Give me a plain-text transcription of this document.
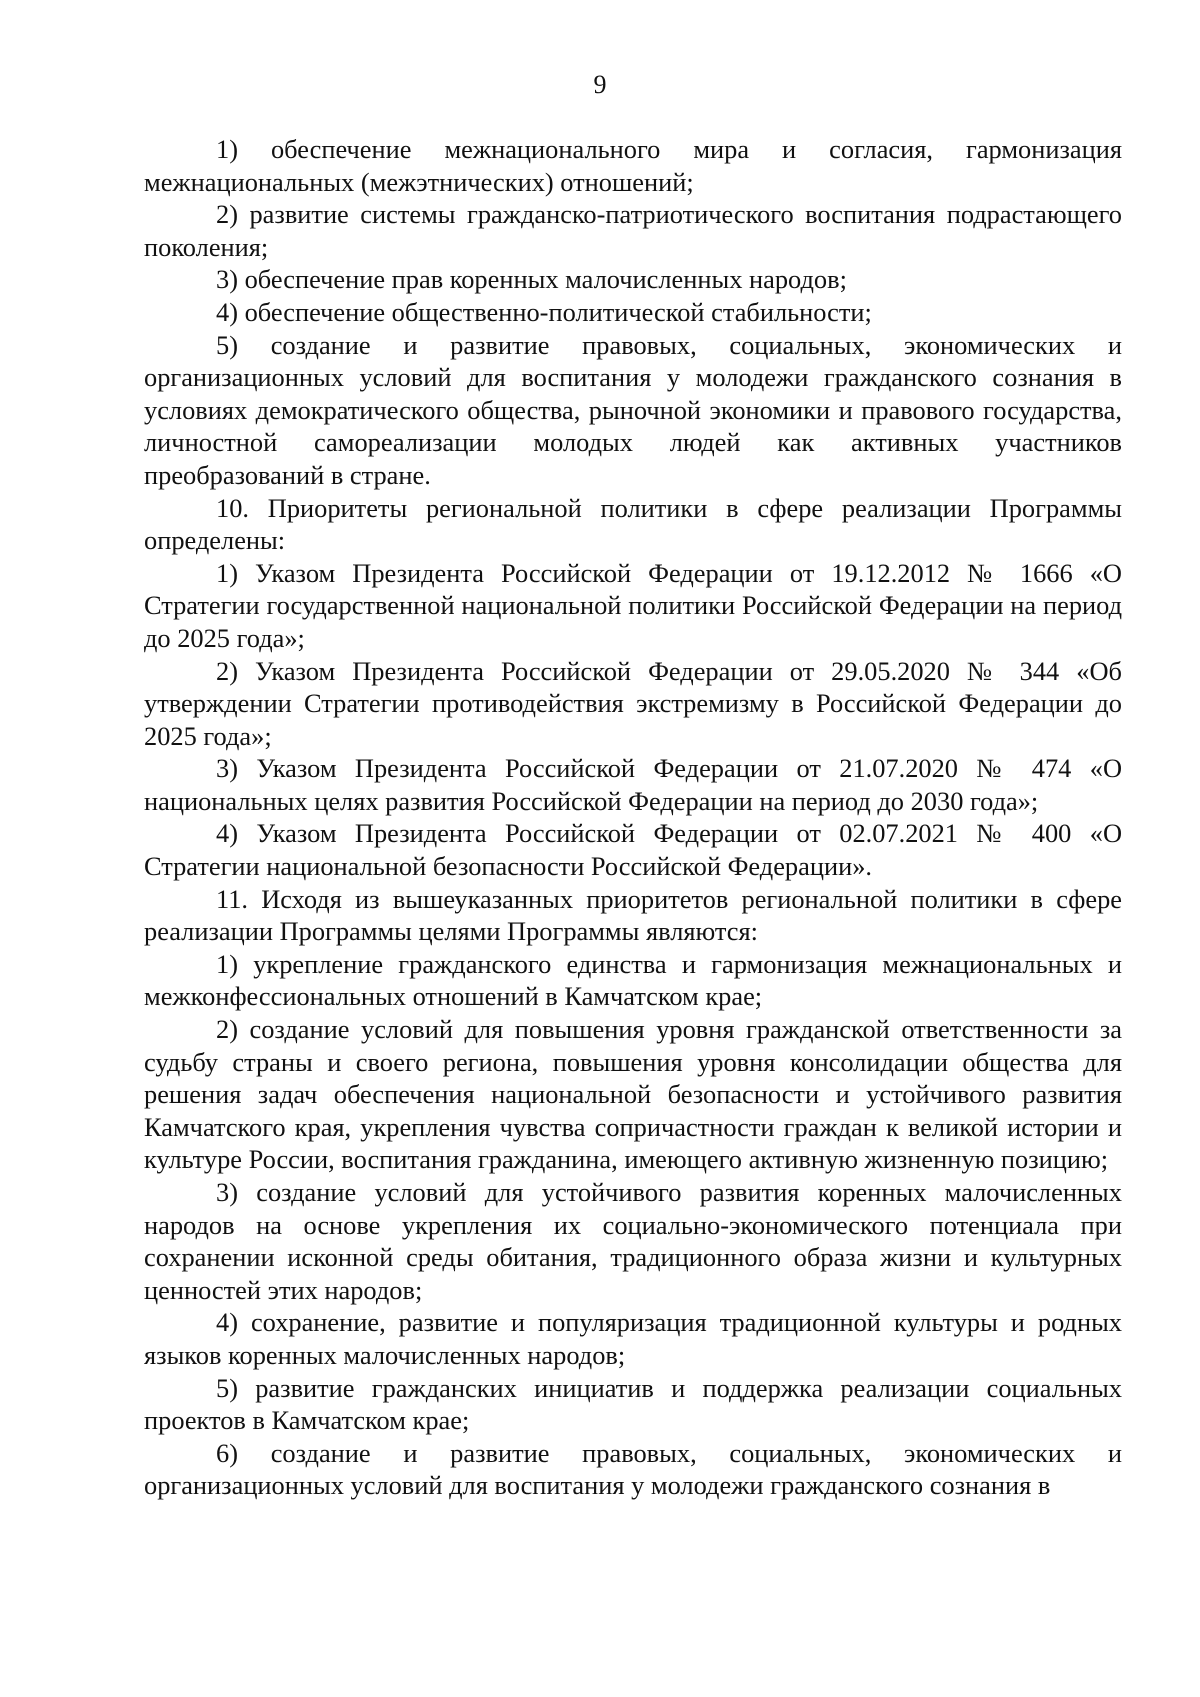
9

1) обеспечение межнационального мира и согласия, гармонизация межнациональных (межэтнических) отношений;

2) развитие системы гражданско-патриотического воспитания подрастающего поколения;

3) обеспечение прав коренных малочисленных народов;

4) обеспечение общественно-политической стабильности;

5) создание и развитие правовых, социальных, экономических и организационных условий для воспитания у молодежи гражданского сознания в условиях демократического общества, рыночной экономики и правового государства, личностной самореализации молодых людей как активных участников преобразований в стране.

10. Приоритеты региональной политики в сфере реализации Программы определены:

1) Указом Президента Российской Федерации от 19.12.2012 № 1666 «О Стратегии государственной национальной политики Российской Федерации на период до 2025 года»;

2) Указом Президента Российской Федерации от 29.05.2020 № 344 «Об утверждении Стратегии противодействия экстремизму в Российской Федерации до 2025 года»;

3) Указом Президента Российской Федерации от 21.07.2020 № 474 «О национальных целях развития Российской Федерации на период до 2030 года»;

4) Указом Президента Российской Федерации от 02.07.2021 № 400 «О Стратегии национальной безопасности Российской Федерации».

11. Исходя из вышеуказанных приоритетов региональной политики в сфере реализации Программы целями Программы являются:

1) укрепление гражданского единства и гармонизация межнациональных и межконфессиональных отношений в Камчатском крае;

2) создание условий для повышения уровня гражданской ответственности за судьбу страны и своего региона, повышения уровня консолидации общества для решения задач обеспечения национальной безопасности и устойчивого развития Камчатского края, укрепления чувства сопричастности граждан к великой истории и культуре России, воспитания гражданина, имеющего активную жизненную позицию;

3) создание условий для устойчивого развития коренных малочисленных народов на основе укрепления их социально-экономического потенциала при сохранении исконной среды обитания, традиционного образа жизни и культурных ценностей этих народов;

4) сохранение, развитие и популяризация традиционной культуры и родных языков коренных малочисленных народов;

5) развитие гражданских инициатив и поддержка реализации социальных проектов в Камчатском крае;

6) создание и развитие правовых, социальных, экономических и организационных условий для воспитания у молодежи гражданского сознания в
